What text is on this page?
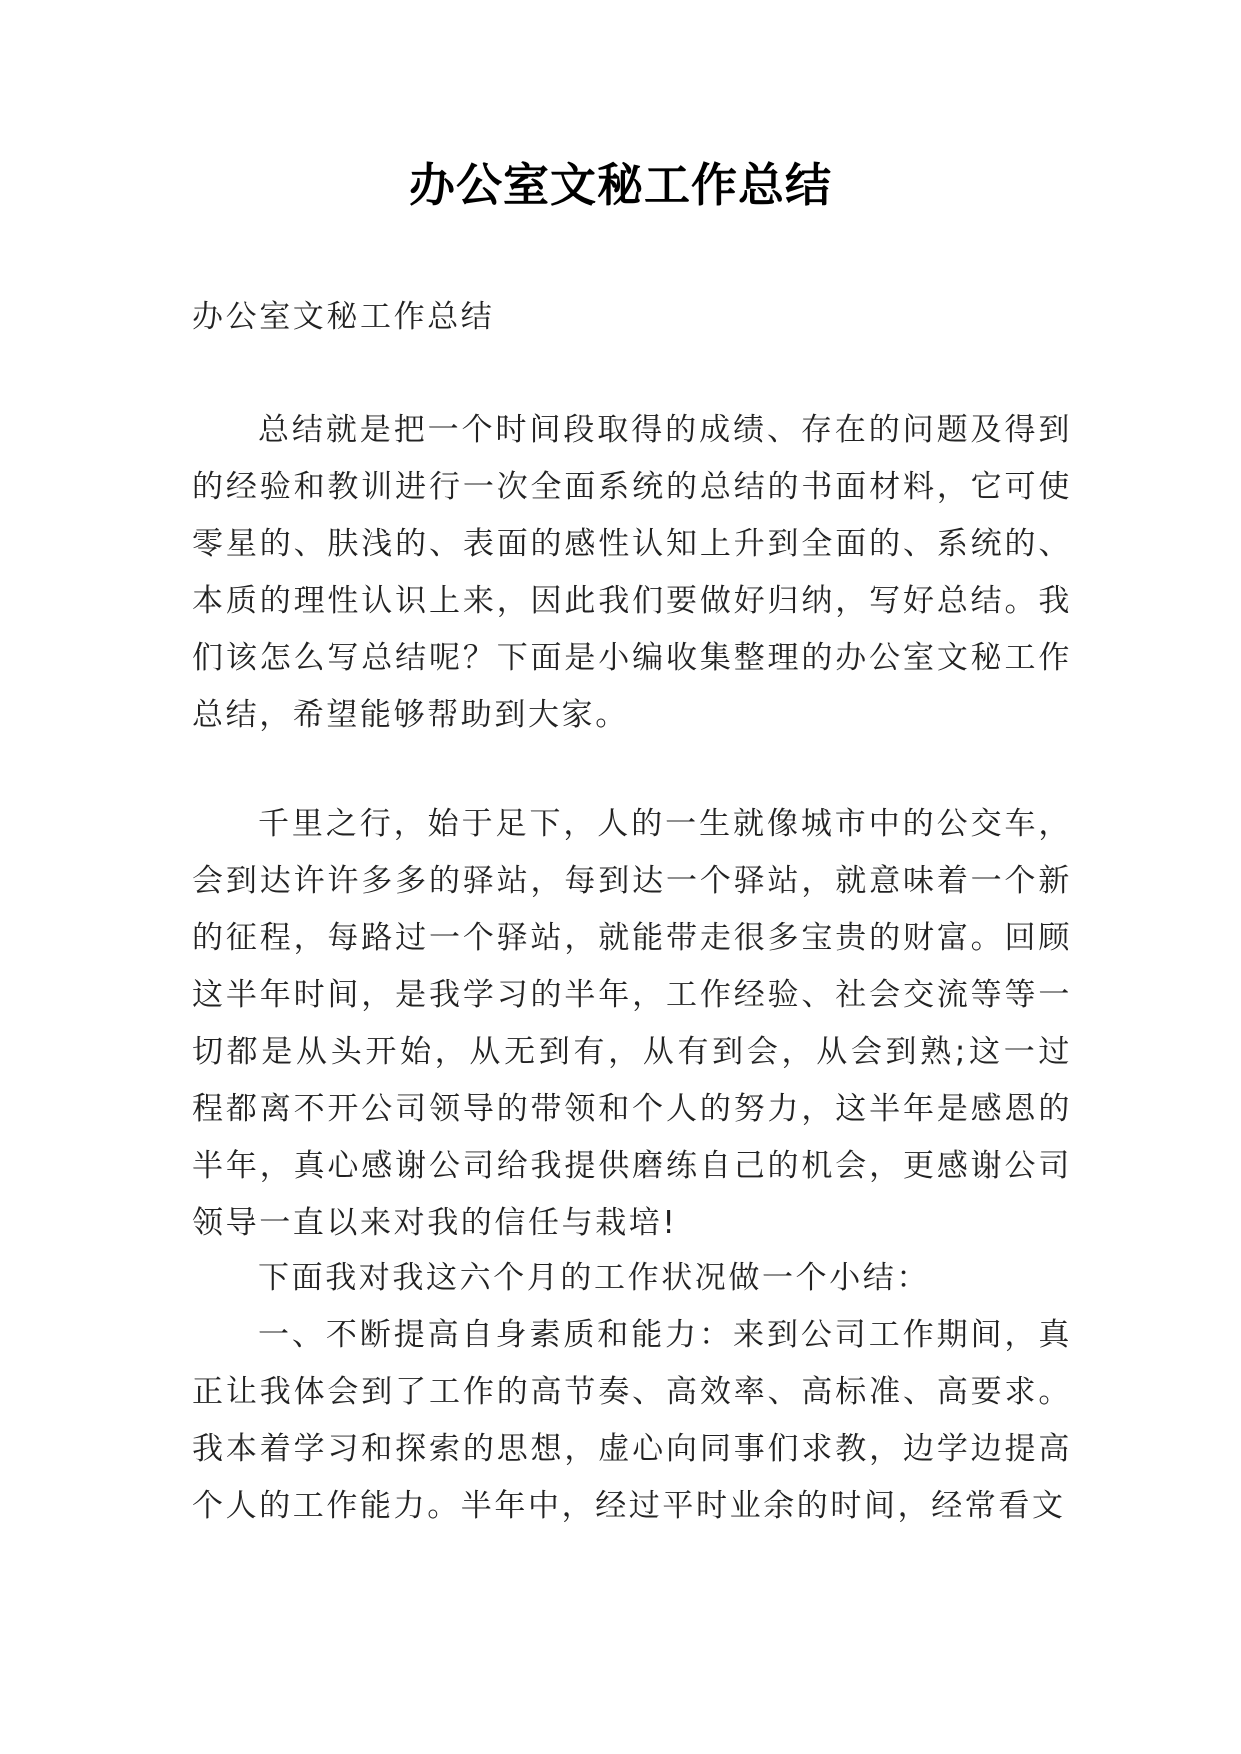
办公室文秘工作总结
办公室文秘工作总结

总结就是把一个时间段取得的成绩、存在的问题及得到的经验和教训进行一次全面系统的总结的书面材料，它可使零星的、肤浅的、表面的感性认知上升到全面的、系统的、本质的理性认识上来，因此我们要做好归纳，写好总结。我们该怎么写总结呢？下面是小编收集整理的办公室文秘工作总结，希望能够帮助到大家。

千里之行，始于足下，人的一生就像城市中的公交车，会到达许许多多的驿站，每到达一个驿站，就意味着一个新的征程，每路过一个驿站，就能带走很多宝贵的财富。回顾这半年时间，是我学习的半年，工作经验、社会交流等等一切都是从头开始，从无到有，从有到会，从会到熟;这一过程都离不开公司领导的带领和个人的努力，这半年是感恩的半年，真心感谢公司给我提供磨练自己的机会，更感谢公司领导一直以来对我的信任与栽培!

下面我对我这六个月的工作状况做一个小结：

一、不断提高自身素质和能力：来到公司工作期间，真正让我体会到了工作的高节奏、高效率、高标准、高要求。我本着学习和探索的思想，虚心向同事们求教，边学边提高个人的工作能力。半年中，经过平时业余的时间，经常看文
